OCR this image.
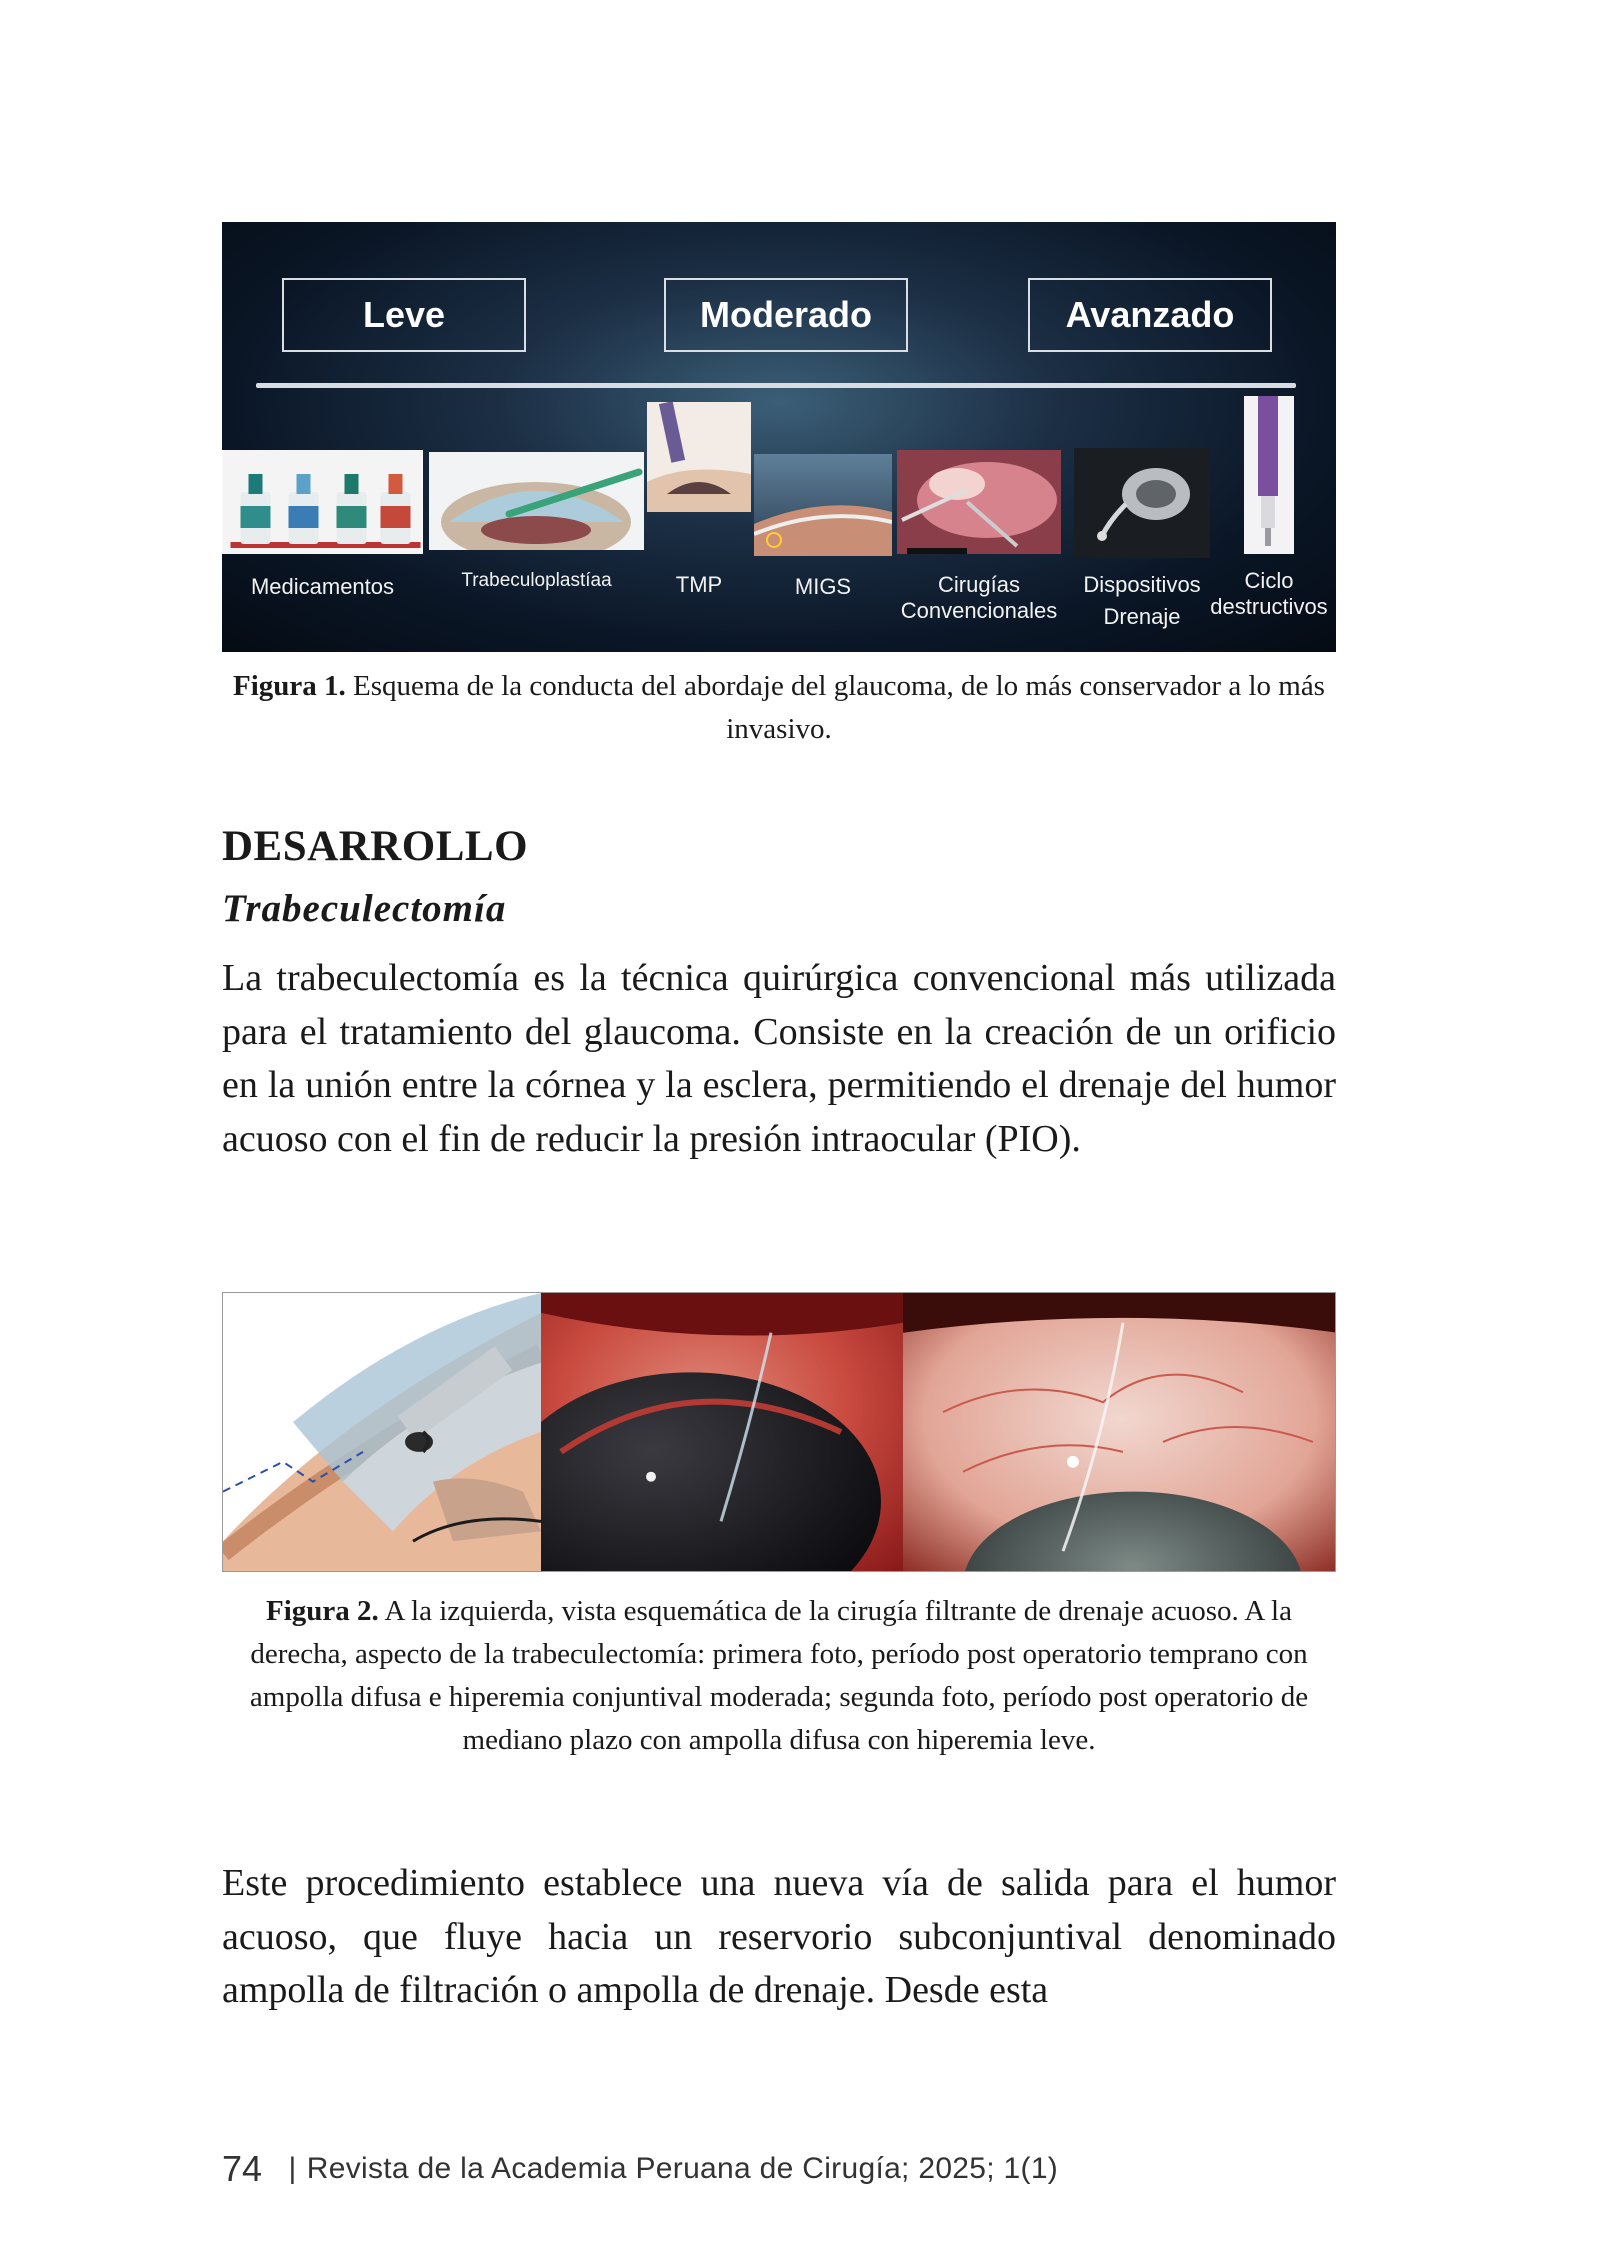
Leve	Moderado	Avanzado
Medicamentos	Trabeculoplastíaa	TMP	MIGS	Cirugías
Convencionales
Dispositivos
Drenaje
Ciclo
destructivos
Figura 1. Esquema de la conducta del abordaje del glaucoma, de lo más conservador a lo más invasivo.
DESARROLLO
Trabeculectomía

La trabeculectomía es la técnica quirúrgica convencional más utilizada para el tratamiento del glaucoma. Consiste en la creación de un orificio en la unión entre la córnea y la esclera, permitiendo el drenaje del humor acuoso con el fin de reducir la presión intraocular (PIO).

Figura 2. A la izquierda, vista esquemática de la cirugía filtrante de drenaje acuoso. A la derecha, aspecto de la trabeculectomía: primera foto, período post operatorio temprano con ampolla difusa e hiperemia conjuntival moderada; segunda foto, período post operatorio de mediano plazo con ampolla difusa con hiperemia leve.

Este procedimiento establece una nueva vía de salida para el humor acuoso, que fluye hacia un reservorio subconjuntival denominado ampolla de filtración o ampolla de drenaje. Desde esta

74 | Revista de la Academia Peruana de Cirugía; 2025; 1(1)
